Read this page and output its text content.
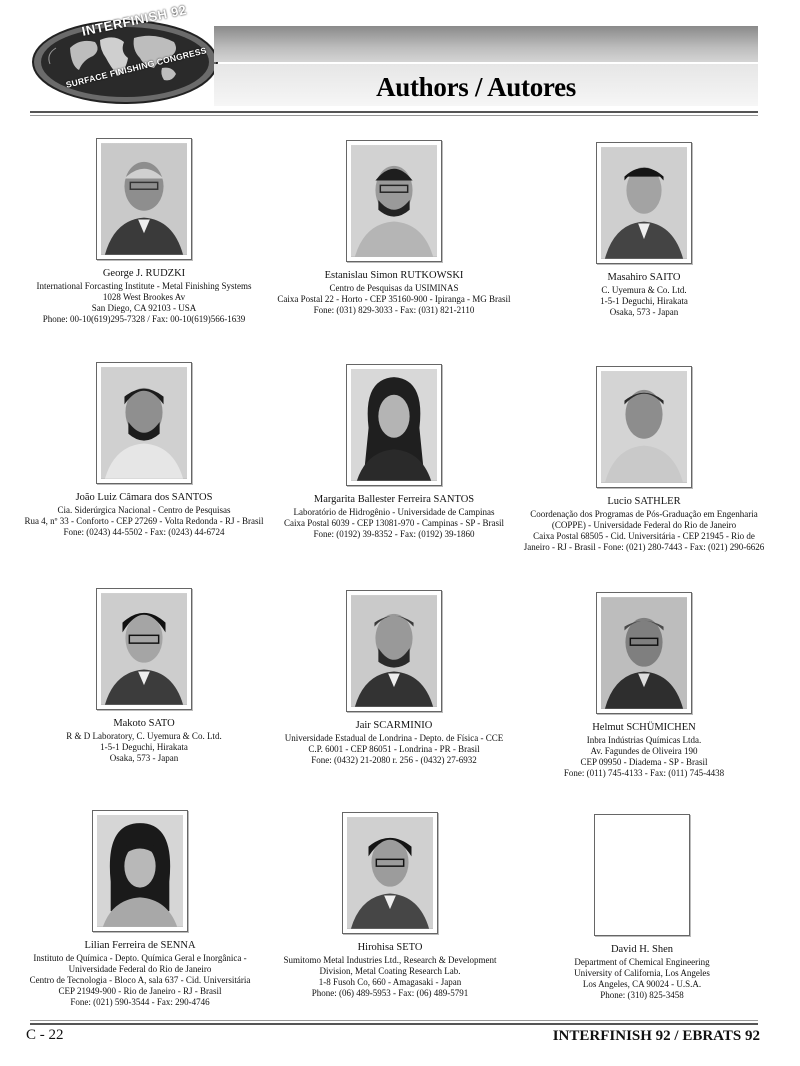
INTERFINISH 92
SURFACE FINISHING CONGRESS	Authors / Autores
George J. RUDZKI
International Forcasting Institute - Metal Finishing Systems
1028 West Brookes Av
San Diego, CA 92103 - USA
Phone: 00-10(619)295-7328 / Fax: 00-10(619)566-1639
Estanislau Simon RUTKOWSKI
Centro de Pesquisas da USIMINAS
Caixa Postal 22 - Horto - CEP 35160-900 - Ipiranga - MG Brasil
Fone: (031) 829-3033 - Fax: (031) 821-2110
Masahiro SAITO
C. Uyemura & Co. Ltd.
1-5-1 Deguchi, Hirakata
Osaka, 573 - Japan
João Luiz Câmara dos SANTOS
Cia. Siderúrgica Nacional - Centro de Pesquisas
Rua 4, nº 33 - Conforto - CEP 27269 - Volta Redonda - RJ - Brasil
Fone: (0243) 44-5502 - Fax: (0243) 44-6724
Margarita Ballester Ferreira SANTOS
Laboratório de Hidrogênio - Universidade de Campinas
Caixa Postal 6039 - CEP 13081-970 - Campinas - SP - Brasil
Fone: (0192) 39-8352 - Fax: (0192) 39-1860
Lucio SATHLER
Coordenação dos Programas de Pós-Graduação em Engenharia
(COPPE) - Universidade Federal do Rio de Janeiro
Caixa Postal 68505 - Cid. Universitária - CEP 21945 - Rio de
Janeiro - RJ - Brasil - Fone: (021) 280-7443 - Fax: (021) 290-6626
Makoto SATO
R & D Laboratory, C. Uyemura & Co. Ltd.
1-5-1 Deguchi, Hirakata
Osaka, 573 - Japan
Jair SCARMINIO
Universidade Estadual de Londrina - Depto. de Física - CCE
C.P. 6001 - CEP 86051 - Londrina - PR - Brasil
Fone: (0432) 21-2080 r. 256 - (0432) 27-6932
Helmut SCHÜMICHEN
Inbra Indústrias Químicas Ltda.
Av. Fagundes de Oliveira 190
CEP 09950 - Diadema - SP - Brasil
Fone: (011) 745-4133 - Fax: (011) 745-4438
Lilian Ferreira de SENNA
Instituto de Química - Depto. Química Geral e Inorgânica -
Universidade Federal do Rio de Janeiro
Centro de Tecnologia - Bloco A, sala 637 - Cid. Universitária
CEP 21949-900 - Rio de Janeiro - RJ - Brasil
Fone: (021) 590-3544 - Fax: 290-4746
Hirohisa SETO
Sumitomo Metal Industries Ltd., Research & Development
Division, Metal Coating Research Lab.
1-8 Fusoh Co, 660 - Amagasaki - Japan
Phone: (06) 489-5953 - Fax: (06) 489-5791
David H. Shen
Department of Chemical Engineering
University of California, Los Angeles
Los Angeles, CA 90024 - U.S.A.
Phone: (310) 825-3458
C - 22	INTERFINISH 92 / EBRATS 92
